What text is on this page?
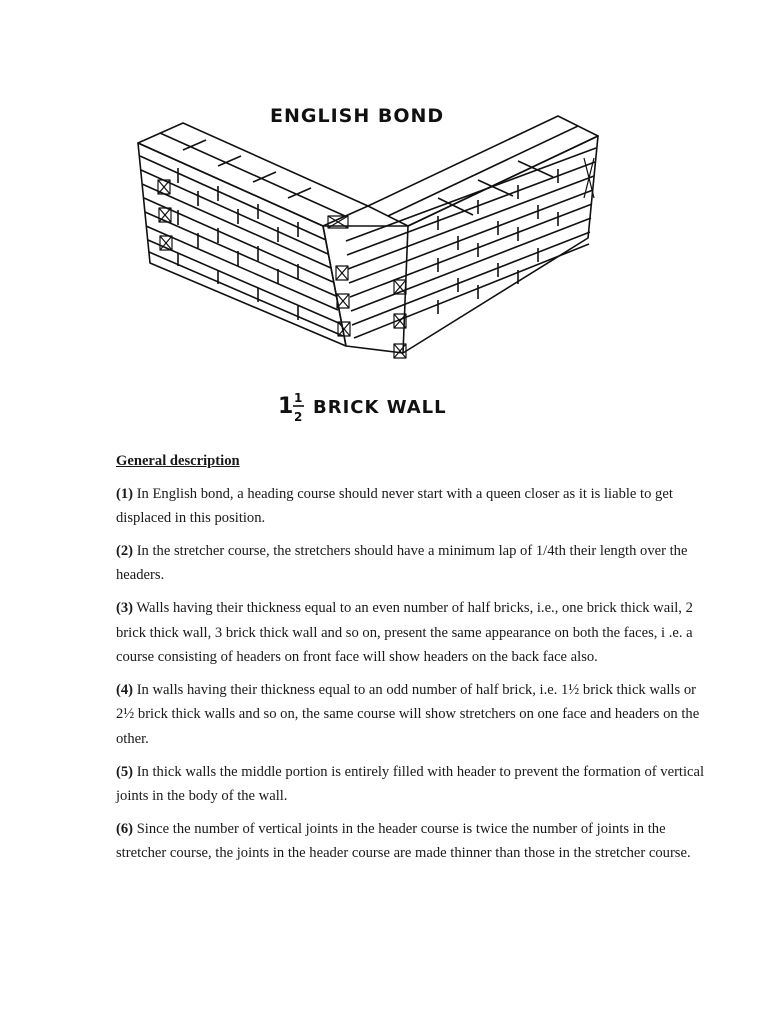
ENGLISH BOND
1 1
2 BRICK WALL

General description

(1) In English bond, a heading course should never start with a queen closer as it is liable to get displaced in this position.

(2) In the stretcher course, the stretchers should have a minimum lap of 1/4th their length over the headers.

(3) Walls having their thickness equal to an even number of half bricks, i.e., one brick thick wail, 2 brick thick wall, 3 brick thick wall and so on, present the same appearance on both the faces, i .e. a course consisting of headers on front face will show headers on the back face also.

(4) In walls having their thickness equal to an odd number of half brick, i.e. 1½ brick thick walls or 2½ brick thick walls and so on, the same course will show stretchers on one face and headers on the other.

(5) In thick walls the middle portion is entirely filled with header to prevent the formation of vertical joints in the body of the wall.

(6) Since the number of vertical joints in the header course is twice the number of joints in the stretcher course, the joints in the header course are made thinner than those in the stretcher course.
